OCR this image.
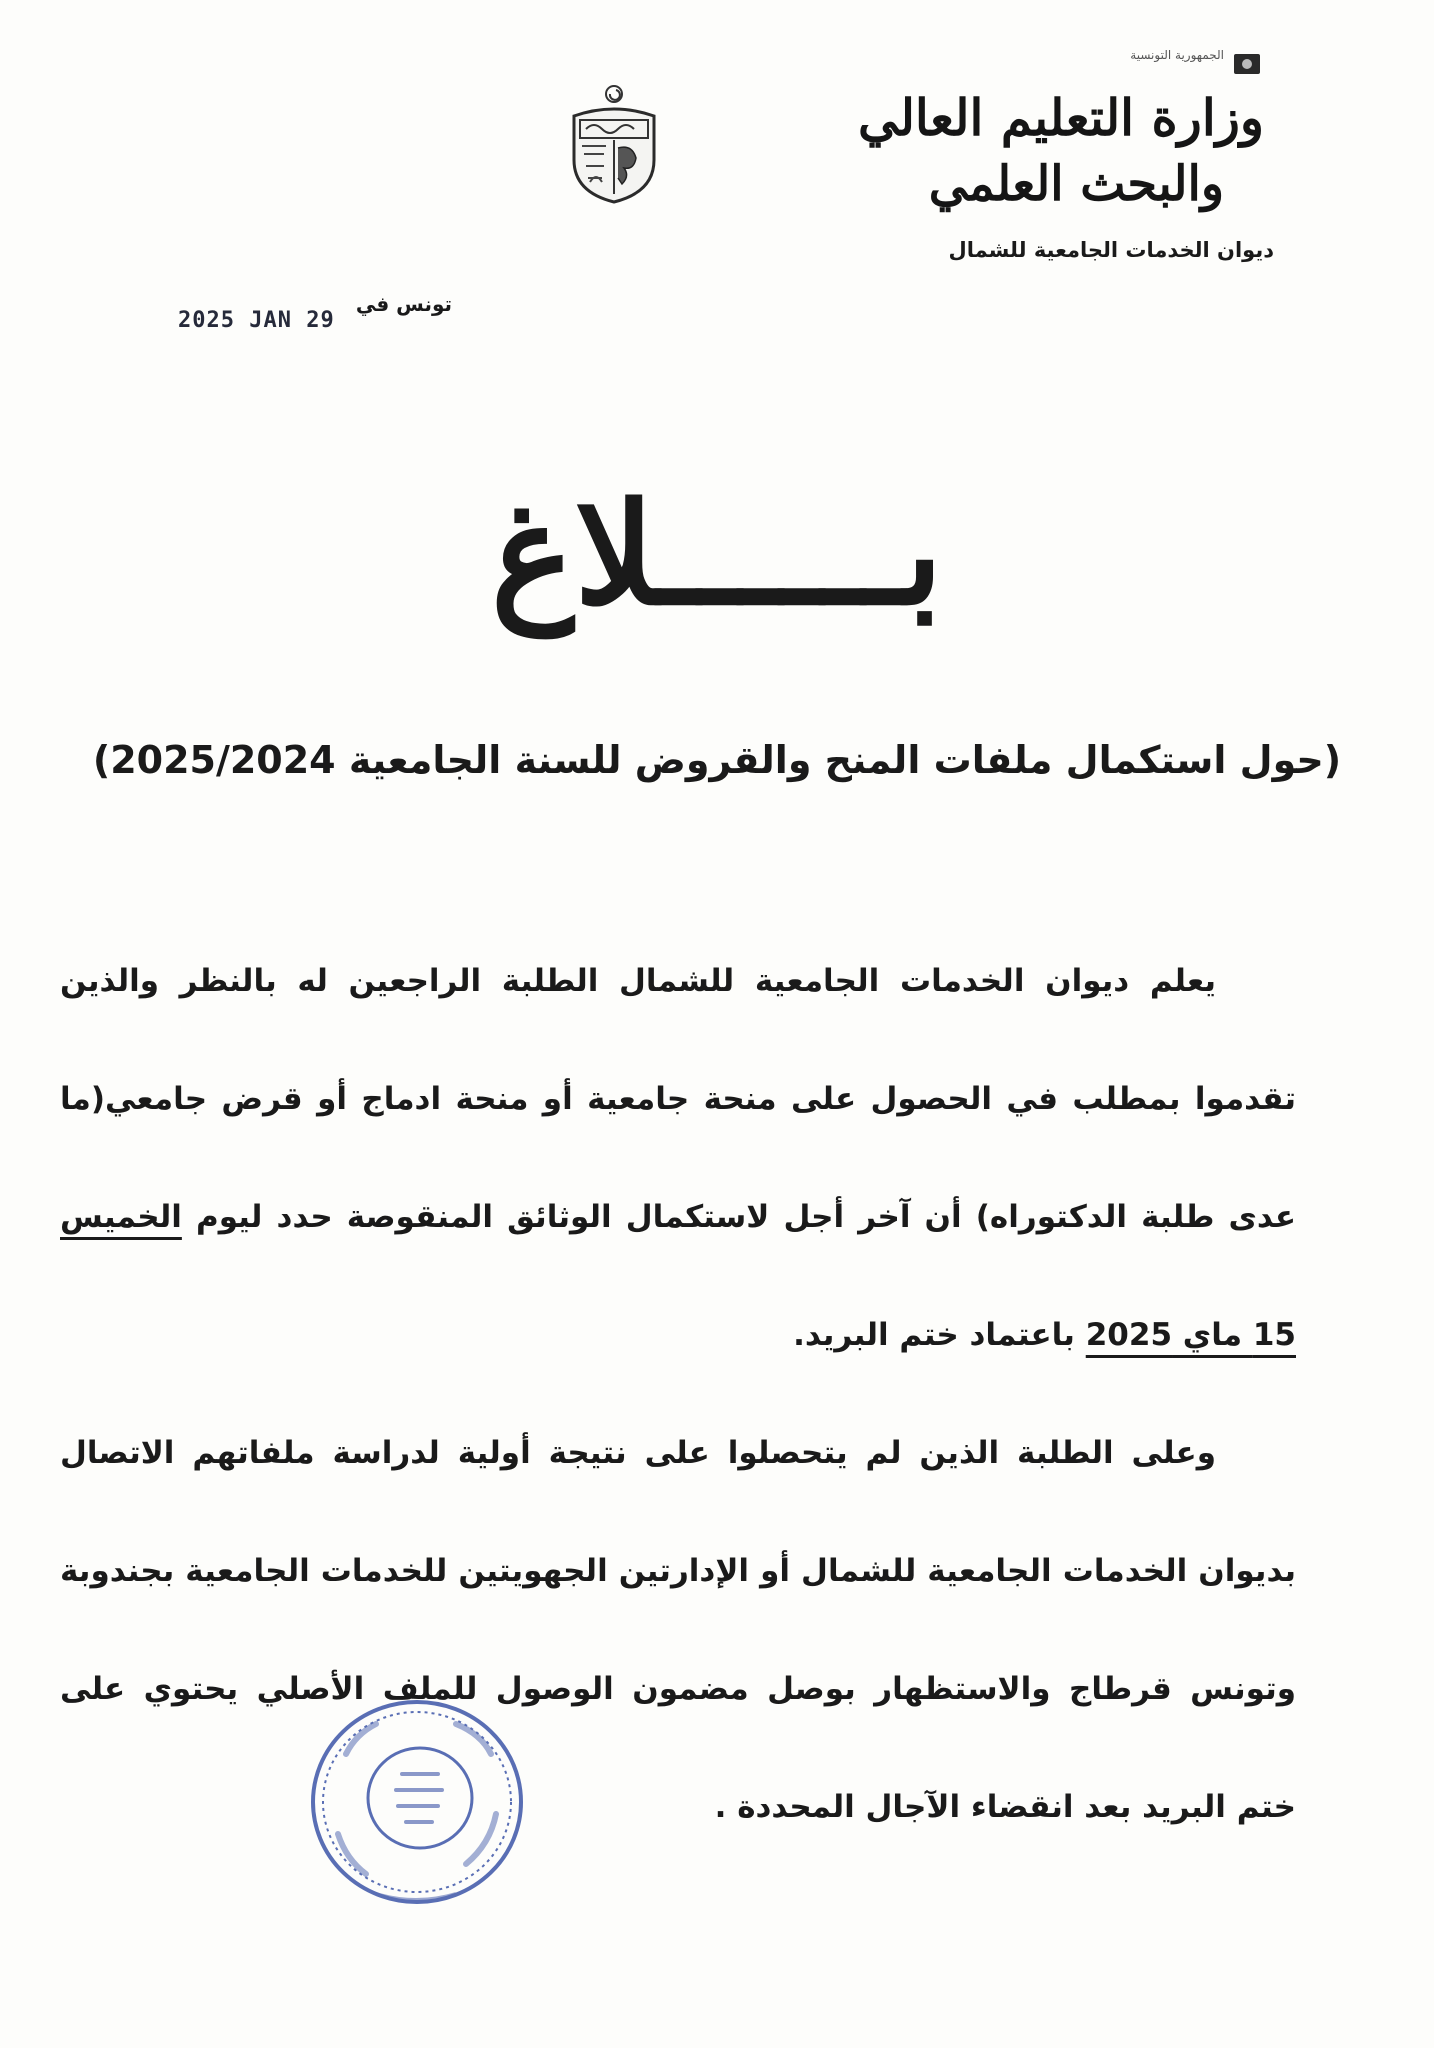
الجمهورية التونسية
وزارة التعليم العالي
والبحث العلمي
ديوان الخدمات الجامعية للشمال
تونس في
2025 JAN 29
بــــــلاغ
(حول استكمال ملفات المنح والقروض للسنة الجامعية 2025/2024)

يعلم ديوان الخدمات الجامعية للشمال الطلبة الراجعين له بالنظر والذين تقدموا بمطلب في الحصول على منحة جامعية أو منحة ادماج أو قرض جامعي(ما عدى طلبة الدكتوراه) أن آخر أجل لاستكمال الوثائق المنقوصة حدد ليوم الخميس 15 ماي 2025 باعتماد ختم البريد.

وعلى الطلبة الذين لم يتحصلوا على نتيجة أولية لدراسة ملفاتهم الاتصال بديوان الخدمات الجامعية للشمال أو الإدارتين الجهويتين للخدمات الجامعية بجندوبة وتونس قرطاج والاستظهار بوصل مضمون الوصول للملف الأصلي يحتوي على ختم البريد بعد انقضاء الآجال المحددة .
